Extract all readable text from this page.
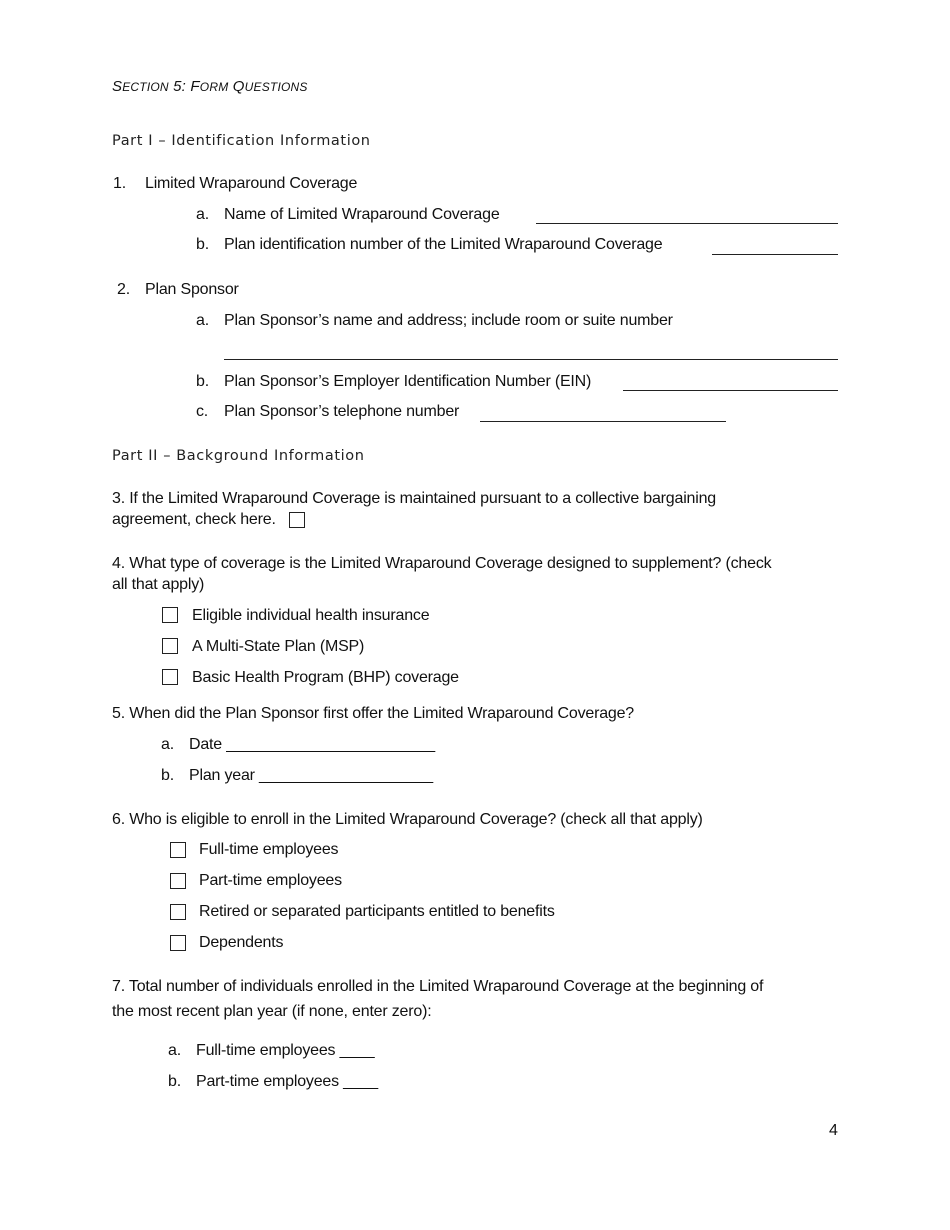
SECTION 5: FORM QUESTIONS
Part I – Identification Information
1. Limited Wraparound Coverage
a. Name of Limited Wraparound Coverage
b. Plan identification number of the Limited Wraparound Coverage
2. Plan Sponsor
a. Plan Sponsor’s name and address; include room or suite number
b. Plan Sponsor’s Employer Identification Number (EIN)
c. Plan Sponsor’s telephone number
Part II – Background Information
3. If the Limited Wraparound Coverage is maintained pursuant to a collective bargaining
agreement, check here.
4. What type of coverage is the Limited Wraparound Coverage designed to supplement? (check
all that apply)
Eligible individual health insurance
A Multi-State Plan (MSP)
Basic Health Program (BHP) coverage
5. When did the Plan Sponsor first offer the Limited Wraparound Coverage?
a. Date ________________________
b. Plan year ____________________
6. Who is eligible to enroll in the Limited Wraparound Coverage? (check all that apply)
Full-time employees
Part-time employees
Retired or separated participants entitled to benefits
Dependents
7. Total number of individuals enrolled in the Limited Wraparound Coverage at the beginning of
the most recent plan year (if none, enter zero):
a. Full-time employees ____
b. Part-time employees ____
4
